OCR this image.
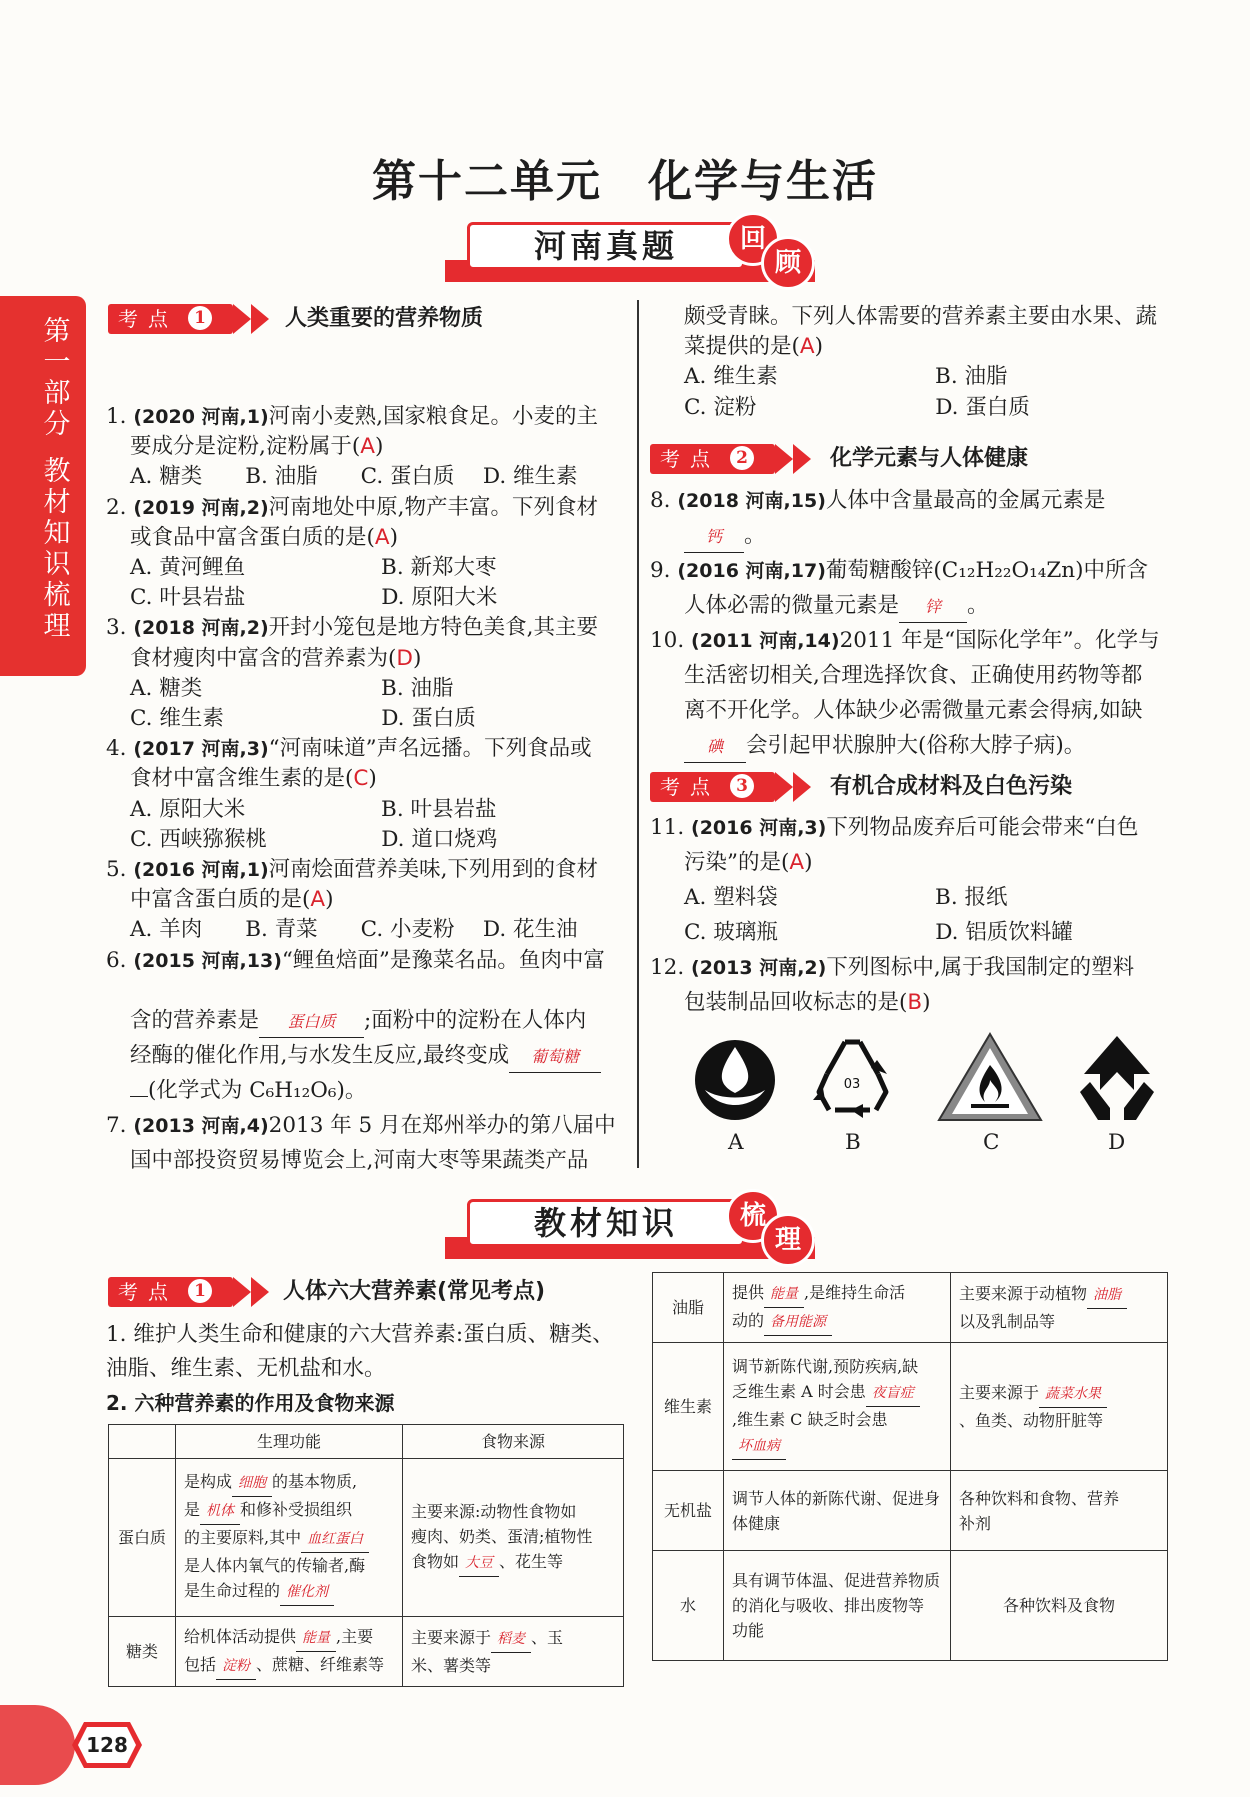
第十二单元　化学与生活
河南真题	回
顾
第一部分
教材知识梳理
考点 1	人类重要的营养物质
1. (2020 河南,1)河南小麦熟,国家粮食足。小麦的主
要成分是淀粉,淀粉属于(A)
A. 糖类　　B. 油脂　　C. 蛋白质　 D. 维生素
2. (2019 河南,2)河南地处中原,物产丰富。下列食材
或食品中富含蛋白质的是(A)
A. 黄河鲤鱼　　　　　　 B. 新郑大枣
C. 叶县岩盐　　　　　　 D. 原阳大米
3. (2018 河南,2)开封小笼包是地方特色美食,其主要
食材瘦肉中富含的营养素为(D)
A. 糖类　　　　　　　　 B. 油脂
C. 维生素　　　　　　　 D. 蛋白质
4. (2017 河南,3)“河南味道”声名远播。下列食品或
食材中富含维生素的是(C)
A. 原阳大米　　　　　　 B. 叶县岩盐
C. 西峡猕猴桃　　　　　 D. 道口烧鸡
5. (2016 河南,1)河南烩面营养美味,下列用到的食材
中富含蛋白质的是(A)
A. 羊肉　　B. 青菜　　C. 小麦粉　 D. 花生油
6. (2015 河南,13)“鲤鱼焙面”是豫菜名品。鱼肉中富
含的营养素是 蛋白质 ;面粉中的淀粉在人体内
经酶的催化作用,与水发生反应,最终变成 葡萄糖
(化学式为 C₆H₁₂O₆)。
7. (2013 河南,4)2013 年 5 月在郑州举办的第八届中
国中部投资贸易博览会上,河南大枣等果蔬类产品
颇受青睐。下列人体需要的营养素主要由水果、蔬
菜提供的是(A)
A. 维生素　　　　　　　 B. 油脂
C. 淀粉　　　　　　　　 D. 蛋白质
考点 2	化学元素与人体健康
8. (2018 河南,15)人体中含量最高的金属元素是
钙 。
9. (2016 河南,17)葡萄糖酸锌(C₁₂H₂₂O₁₄Zn)中所含
人体必需的微量元素是 锌 。
10. (2011 河南,14)2011 年是“国际化学年”。化学与
生活密切相关,合理选择饮食、正确使用药物等都
离不开化学。人体缺少必需微量元素会得病,如缺
碘 会引起甲状腺肿大(俗称大脖子病)。
考点 3	有机合成材料及白色污染
11. (2016 河南,3)下列物品废弃后可能会带来“白色
污染”的是(A)
A. 塑料袋　　　　　　　 B. 报纸
C. 玻璃瓶　　　　　　　 D. 铝质饮料罐
12. (2013 河南,2)下列图标中,属于我国制定的塑料
包装制品回收标志的是(B)
03
A	B	C	D
教材知识	梳
理
考点 1	人体六大营养素(常见考点)
1. 维护人类生命和健康的六大营养素:蛋白质、糖类、
油脂、维生素、无机盐和水。
2. 六种营养素的作用及食物来源
	生理功能	食物来源
蛋白质	是构成 细胞 的基本物质,
是 机体 和修补受损组织
的主要原料,其中 血红蛋白
是人体内氧气的传输者,酶
是生命过程的 催化剂	主要来源:动物性食物如
瘦肉、奶类、蛋清;植物性
食物如 大豆 、花生等
糖类	给机体活动提供 能量 ,主要
包括 淀粉 、蔗糖、纤维素等	主要来源于 稻麦 、玉
米、薯类等
油脂	提供 能量 ,是维持生命活
动的 备用能源	主要来源于动植物 油脂
以及乳制品等
维生素	调节新陈代谢,预防疾病,缺
乏维生素 A 时会患 夜盲症
,维生素 C 缺乏时会患
坏血病	主要来源于 蔬菜水果
、鱼类、动物肝脏等
无机盐	调节人体的新陈代谢、促进身
体健康	各种饮料和食物、营养
补剂
水	具有调节体温、促进营养物质
的消化与吸收、排出废物等
功能	各种饮料及食物
128
